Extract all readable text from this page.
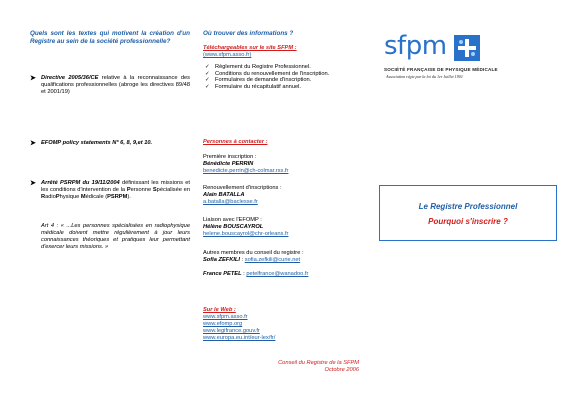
Quels sont les textes qui motivent la création d'un Registre au sein de la société professionnelle?
➤ Directive 2005/36/CE relative à la reconnaissance des qualifications professionnelles (abroge les directives 89/48 et 2001/19)
➤ EFOMP policy statements N° 6, 8, 9,et 10.
➤ Arrêté PSRPM du 19/11/2004 définissant les missions et les conditions d'intervention de la Personne Spécialisée en RadioPhysique Médicale (PSRPM).
Art 4 : « ...Les personnes spécialisées en radiophysique médicale doivent mettre régulièrement à jour leurs connaissances théoriques et pratiques leur permettant d'exercer leurs missions. »
Où trouver des informations ?
Téléchargeables sur le site SFPM :
(www.sfpm.asso.fr)
✓ Règlement du Registre Professionnel.
✓ Conditions du renouvellement de l'inscription.
✓ Formulaires de demande d'inscription.
✓ Formulaire du récapitulatif annuel.
Personnes à contacter :
Première inscription :
Bénédicte PERRIN
benedicte.perrin@ch-colmar.rss.fr
Renouvellement d'inscriptions :
Alain BATALLA
a.batalla@baclesse.fr
Liaison avec l'EFOMP :
Hélène BOUSCAYROL
helene.bouscayrol@chr-orleans.fr
Autres membres du conseil du registre :
Sofia ZEFKILI : sofia.zefkili@curie.net
France PETEL : petelfrance@wanadoo.fr
Sur le Web :
www.sfpm.asso.fr
www.efomp.org
www.legifrance.gouv.fr
www.europa.eu.int/eur-lex/fr/
Conseil du Registre de la SFPM
Octobre 2006
sfpm
SOCIÉTÉ FRANÇAISE DE PHYSIQUE MÉDICALE
Association régie par la loi du 1er Juillet 1901
Le Registre Professionnel
Pourquoi s'inscrire ?
